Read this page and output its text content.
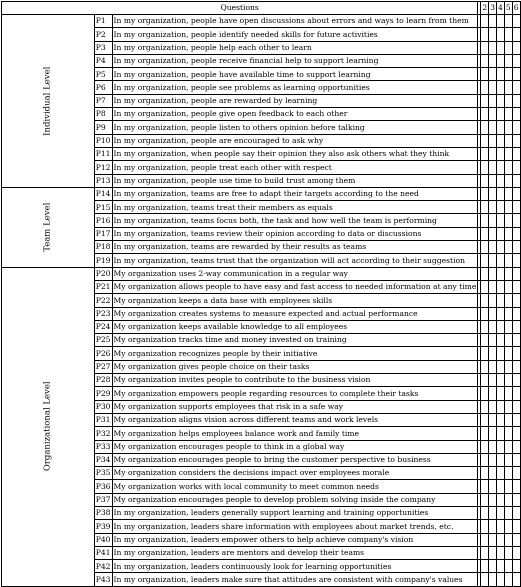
Questions				2	3	4	5	6
Individual Level	P1	In my organization, people have open discussions about errors and ways to learn from them						
	P2	In my organization, people identify needed skills for future activities						
	P3	In my organization, people help each other to learn						
	P4	In my organization, people receive financial help to support learning						
	P5	In my organization, people have available time to support learning						
	P6	In my organization, people see problems as learning opportunities						
	P7	In my organization, people are rewarded by learning						
	P8	In my organization, people give open feedback to each other						
	P9	In my organization, people listen to others opinion before talking						
	P10	In my organization, people are encouraged to ask why						
	P11	In my organization, when people say their opinion they also ask others what they think						
	P12	In my organization, people treat each other with respect						
	P13	In my organization, people use time to build trust among them						
Team Level	P14	In my organization, teams are free to adapt their targets according to the need						
	P15	In my organization, teams treat their members as equals						
	P16	In my organization, teams focus both, the task and how well the team is performing						
	P17	In my organization, teams review their opinion according to data or discussions						
	P18	In my organization, teams are rewarded by their results as teams						
	P19	In my organization, teams trust that the organization will act according to their suggestion						
Organizational Level	P20	My organization uses 2-way communication in a regular way						
	P21	My organization allows people to have easy and fast access to needed information at any time						
	P22	My organization keeps a data base with employees skills						
	P23	My organization creates systems to measure expected and actual performance						
	P24	My organization keeps available knowledge to all employees						
	P25	My organization tracks time and money invested on training						
	P26	My organization recognizes people by their initiative						
	P27	My organization gives people choice on their tasks						
	P28	My organization invites people to contribute to the business vision						
	P29	My organization empowers people regarding resources to complete their tasks						
	P30	My organization supports employees that risk in a safe way						
	P31	My organization aligns vision across different teams and work levels						
	P32	My organization helps employees balance work and family time						
	P33	My organization encourages people to think in a global way						
	P34	My organization encourages people to bring the customer perspective to business						
	P35	My organization considers the decisions impact over employees morale						
	P36	My organization works with local community to meet common needs						
	P37	My organization encourages people to develop problem solving inside the company						
	P38	In my organization, leaders generally support learning and training opportunities						
	P39	In my organization, leaders share information with employees about market trends, etc.						
	P40	In my organization, leaders empower others to help achieve company's vision						
	P41	In my organization, leaders are mentors and develop their teams						
	P42	In my organization, leaders continuously look for learning opportunities						
	P43	In my organization, leaders make sure that attitudes are consistent with company's values						
